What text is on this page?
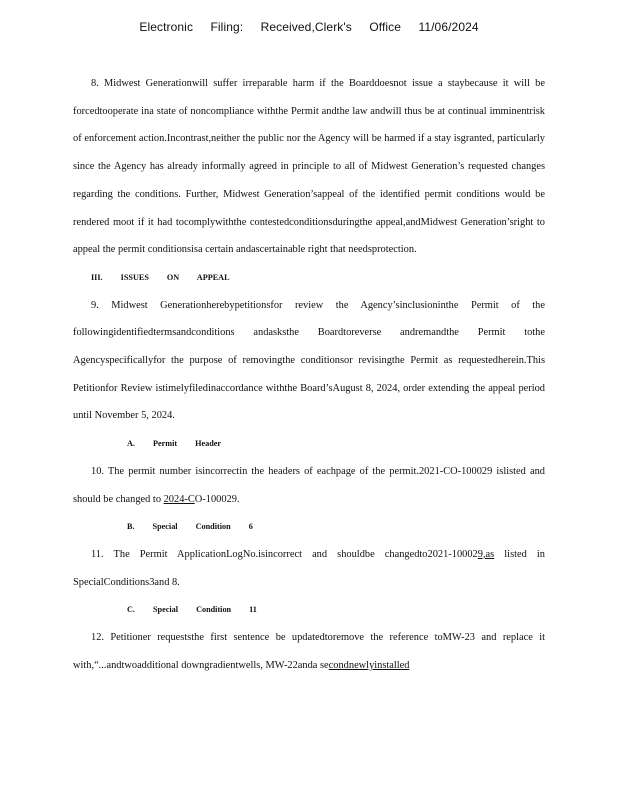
Electronic Filing: Received,Clerk's Office 11/06/2024

8. Midwest Generationwill suffer irreparable harm if the Boarddoesnot issue a staybecause it will be forcedtooperate ina state of noncompliance withthe Permit andthe law andwill thus be at continual imminentrisk of enforcement action.Incontrast,neither the public nor the Agency will be harmed if a stay isgranted, particularly since the Agency has already informally agreed in principle to all of Midwest Generation’s requested changes regarding the conditions. Further, Midwest Generation’sappeal of the identified permit conditions would be rendered moot if it had tocomplywiththe contestedconditionsduringthe appeal,andMidwest Generation’sright to appeal the permit conditionsisa certain andascertainable right that needsprotection.

III. ISSUES ON APPEAL

9. Midwest Generationherebypetitionsfor review the Agency’sinclusioninthe Permit of the followingidentifiedtermsandconditions andasksthe Boardtoreverse andremandthe Permit tothe Agencyspecificallyfor the purpose of removingthe conditionsor revisingthe Permit as requestedherein.This Petitionfor Review istimelyfiledinaccordance withthe Board’sAugust 8, 2024, order extending the appeal period until November 5, 2024.

A. Permit Header

10. The permit number isincorrectin the headers of eachpage of the permit.2021-CO-100029 islisted and should be changed to 2024-CO-100029.

B. Special Condition 6

11. The Permit ApplicationLogNo.isincorrect and shouldbe changedto2021-100029,as listed in SpecialConditions3and 8.

C. Special Condition 11

12. Petitioner requeststhe first sentence be updatedtoremove the reference toMW-23 and replace it with,“...andtwoadditional downgradientwells, MW-22anda secondnewlyinstalled
